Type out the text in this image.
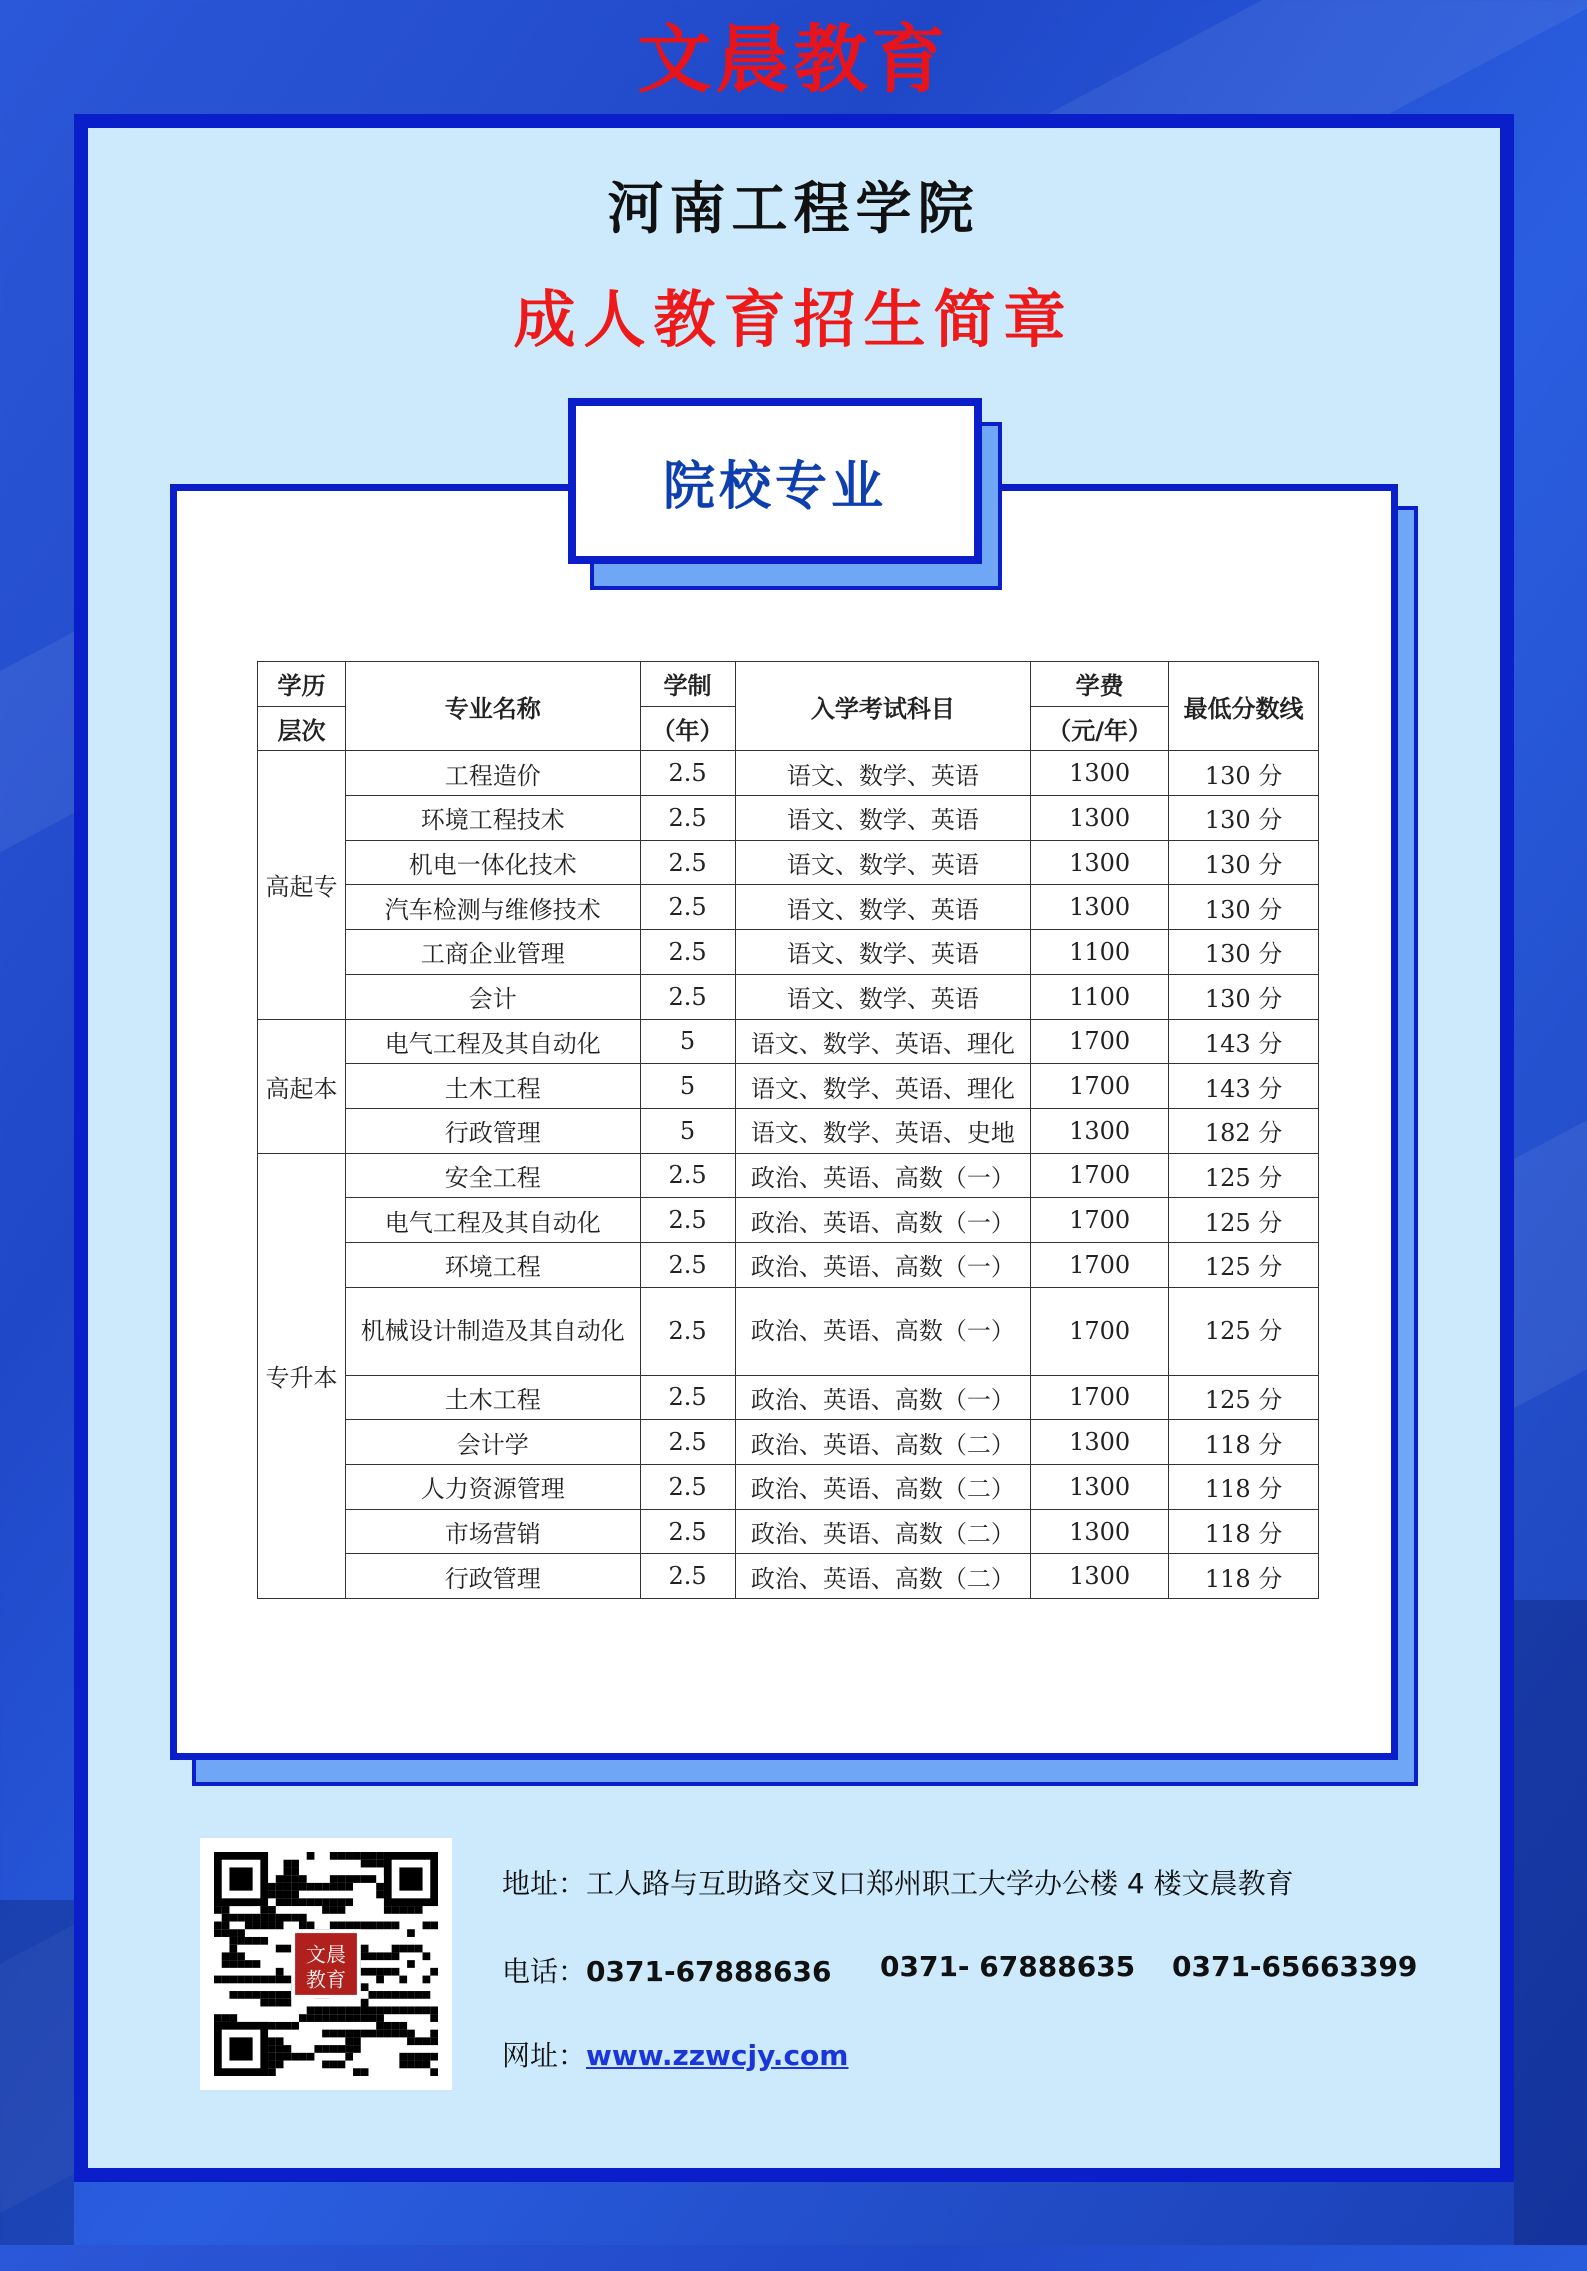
文晨教育
河南工程学院
成人教育招生简章
院校专业
学历	专业名称	学制	入学考试科目	学费	最低分数线
层次		（年）		（元/年）	
高起专	工程造价	2.5	语文、数学、英语	1300	130 分
	环境工程技术	2.5	语文、数学、英语	1300	130 分
	机电一体化技术	2.5	语文、数学、英语	1300	130 分
	汽车检测与维修技术	2.5	语文、数学、英语	1300	130 分
	工商企业管理	2.5	语文、数学、英语	1100	130 分
	会计	2.5	语文、数学、英语	1100	130 分
高起本	电气工程及其自动化	5	语文、数学、英语、理化	1700	143 分
	土木工程	5	语文、数学、英语、理化	1700	143 分
	行政管理	5	语文、数学、英语、史地	1300	182 分
专升本	安全工程	2.5	政治、英语、高数（一）	1700	125 分
	电气工程及其自动化	2.5	政治、英语、高数（一）	1700	125 分
	环境工程	2.5	政治、英语、高数（一）	1700	125 分
	机械设计制造及其自动化	2.5	政治、英语、高数（一）	1700	125 分
	土木工程	2.5	政治、英语、高数（一）	1700	125 分
	会计学	2.5	政治、英语、高数（二）	1300	118 分
	人力资源管理	2.5	政治、英语、高数（二）	1300	118 分
	市场营销	2.5	政治、英语、高数（二）	1300	118 分
	行政管理	2.5	政治、英语、高数（二）	1300	118 分
文晨
教育
地址：工人路与互助路交叉口郑州职工大学办公楼 4 楼文晨教育
电话：0371-67888636 0371- 67888635 0371-65663399
网址：www.zzwcjy.com
